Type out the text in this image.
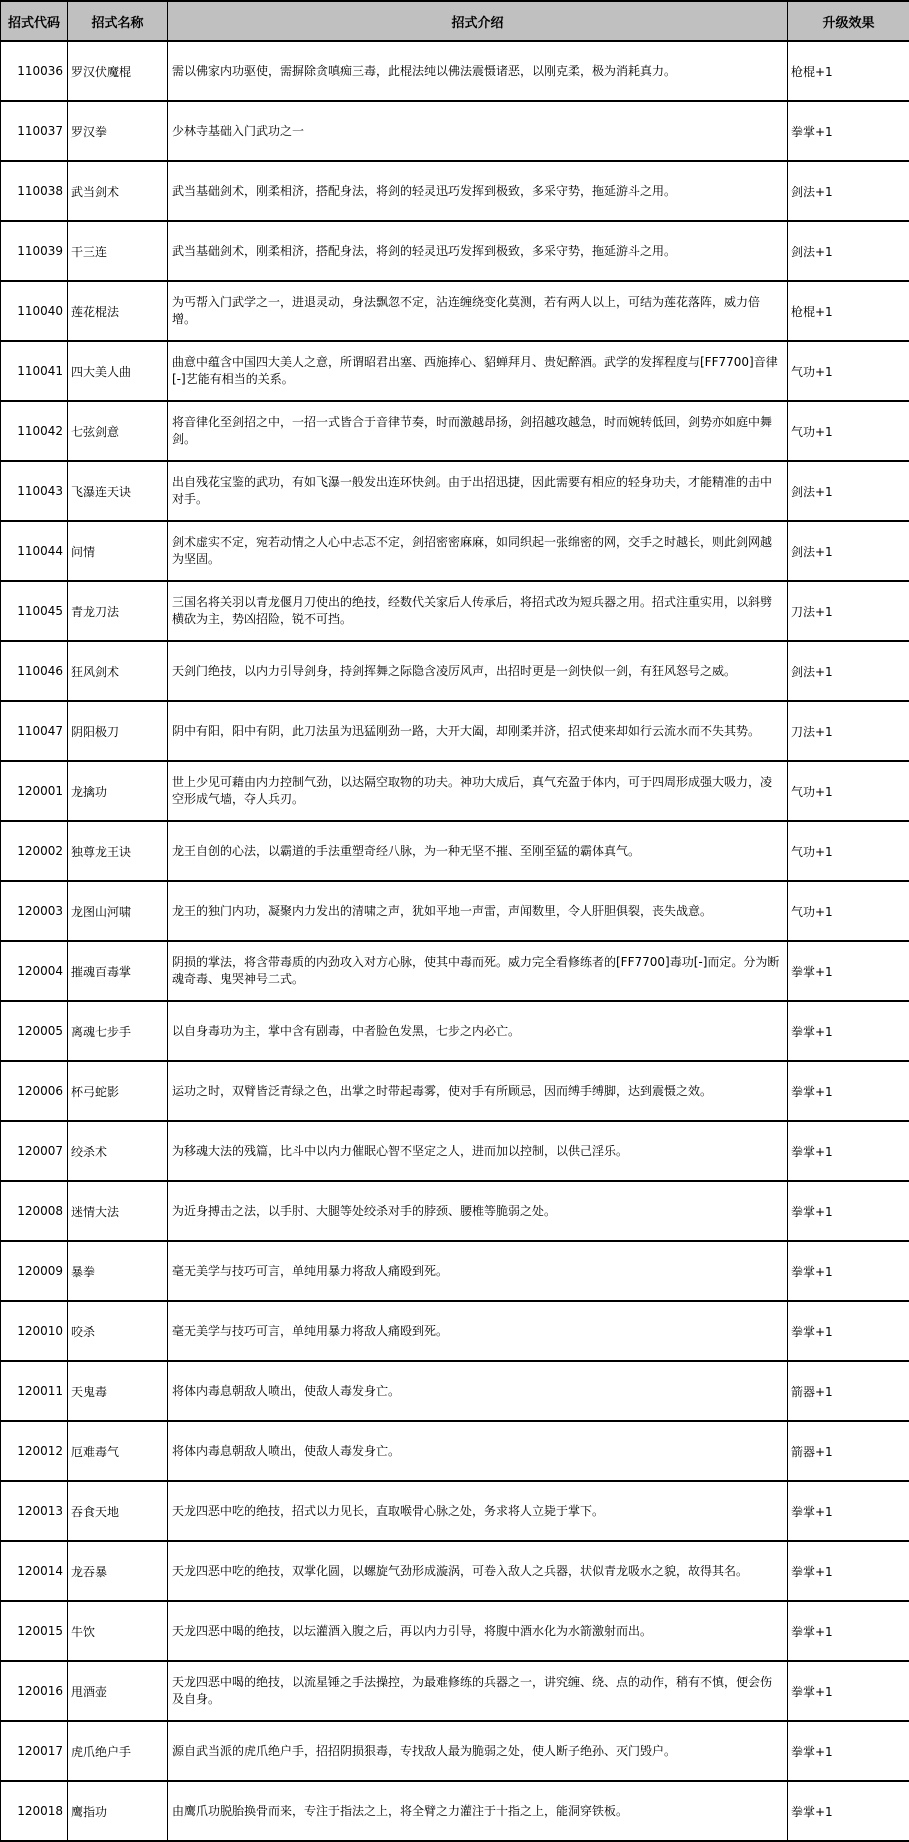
招式代码	招式名称	招式介绍	升级效果
110036	罗汉伏魔棍	需以佛家内功驱使，需摒除贪嗔痴三毒，此棍法纯以佛法震慑诸恶，以刚克柔，极为消耗真力。	枪棍+1
110037	罗汉拳	少林寺基础入门武功之一	拳掌+1
110038	武当剑术	武当基础剑术，刚柔相济，搭配身法，将剑的轻灵迅巧发挥到极致，多采守势，拖延游斗之用。	剑法+1
110039	干三连	武当基础剑术，刚柔相济，搭配身法，将剑的轻灵迅巧发挥到极致，多采守势，拖延游斗之用。	剑法+1
110040	莲花棍法	为丐帮入门武学之一，进退灵动，身法飘忽不定，沾连缠绕变化莫测，若有两人以上，可结为莲花落阵，威力倍增。	枪棍+1
110041	四大美人曲	曲意中蕴含中国四大美人之意，所谓昭君出塞、西施捧心、貂蝉拜月、贵妃醉酒。武学的发挥程度与[FF7700]音律[-]艺能有相当的关系。	气功+1
110042	七弦剑意	将音律化至剑招之中，一招一式皆合于音律节奏，时而激越昂扬，剑招越攻越急，时而婉转低回，剑势亦如庭中舞剑。	气功+1
110043	飞瀑连天诀	出自残花宝鉴的武功，有如飞瀑一般发出连环快剑。由于出招迅捷，因此需要有相应的轻身功夫，才能精准的击中对手。	剑法+1
110044	问情	剑术虚实不定，宛若动情之人心中忐忑不定，剑招密密麻麻，如同织起一张绵密的网，交手之时越长，则此剑网越为坚固。	剑法+1
110045	青龙刀法	三国名将关羽以青龙偃月刀使出的绝技，经数代关家后人传承后，将招式改为短兵器之用。招式注重实用，以斜劈横砍为主，势凶招险，锐不可挡。	刀法+1
110046	狂风剑术	天剑门绝技，以内力引导剑身，持剑挥舞之际隐含凌厉风声，出招时更是一剑快似一剑，有狂风怒号之威。	剑法+1
110047	阴阳极刀	阴中有阳，阳中有阴，此刀法虽为迅猛刚劲一路，大开大阖，却刚柔并济，招式使来却如行云流水而不失其势。	刀法+1
120001	龙擒功	世上少见可藉由内力控制气劲，以达隔空取物的功夫。神功大成后，真气充盈于体内，可于四周形成强大吸力，凌空形成气墙，夺人兵刃。	气功+1
120002	独尊龙王诀	龙王自创的心法，以霸道的手法重塑奇经八脉，为一种无坚不摧、至刚至猛的霸体真气。	气功+1
120003	龙图山河啸	龙王的独门内功，凝聚内力发出的清啸之声，犹如平地一声雷，声闻数里，令人肝胆俱裂，丧失战意。	气功+1
120004	摧魂百毒掌	阴损的掌法，将含带毒质的内劲攻入对方心脉，使其中毒而死。威力完全看修练者的[FF7700]毒功[-]而定。分为断魂奇毒、鬼哭神号二式。	拳掌+1
120005	离魂七步手	以自身毒功为主，掌中含有剧毒，中者脸色发黑，七步之内必亡。	拳掌+1
120006	杯弓蛇影	运功之时，双臂皆泛青绿之色，出掌之时带起毒雾，使对手有所顾忌，因而缚手缚脚，达到震慑之效。	拳掌+1
120007	绞杀术	为移魂大法的残篇，比斗中以内力催眠心智不坚定之人，进而加以控制，以供己淫乐。	拳掌+1
120008	迷情大法	为近身搏击之法，以手肘、大腿等处绞杀对手的脖颈、腰椎等脆弱之处。	拳掌+1
120009	暴拳	毫无美学与技巧可言，单纯用暴力将敌人痛殴到死。	拳掌+1
120010	咬杀	毫无美学与技巧可言，单纯用暴力将敌人痛殴到死。	拳掌+1
120011	天鬼毒	将体内毒息朝敌人喷出，使敌人毒发身亡。	箭器+1
120012	厄难毒气	将体内毒息朝敌人喷出，使敌人毒发身亡。	箭器+1
120013	吞食天地	天龙四恶中吃的绝技，招式以力见长，直取喉骨心脉之处，务求将人立毙于掌下。	拳掌+1
120014	龙吞暴	天龙四恶中吃的绝技，双掌化圆，以螺旋气劲形成漩涡，可卷入敌人之兵器，状似青龙吸水之貌，故得其名。	拳掌+1
120015	牛饮	天龙四恶中喝的绝技，以坛灌酒入腹之后，再以内力引导，将腹中酒水化为水箭激射而出。	拳掌+1
120016	甩酒壶	天龙四恶中喝的绝技，以流星锤之手法操控，为最难修练的兵器之一，讲究缠、绕、点的动作，稍有不慎，便会伤及自身。	拳掌+1
120017	虎爪绝户手	源自武当派的虎爪绝户手，招招阴损狠毒，专找敌人最为脆弱之处，使人断子绝孙、灭门毁户。	拳掌+1
120018	鹰指功	由鹰爪功脱胎换骨而来，专注于指法之上，将全臂之力灌注于十指之上，能洞穿铁板。	拳掌+1
